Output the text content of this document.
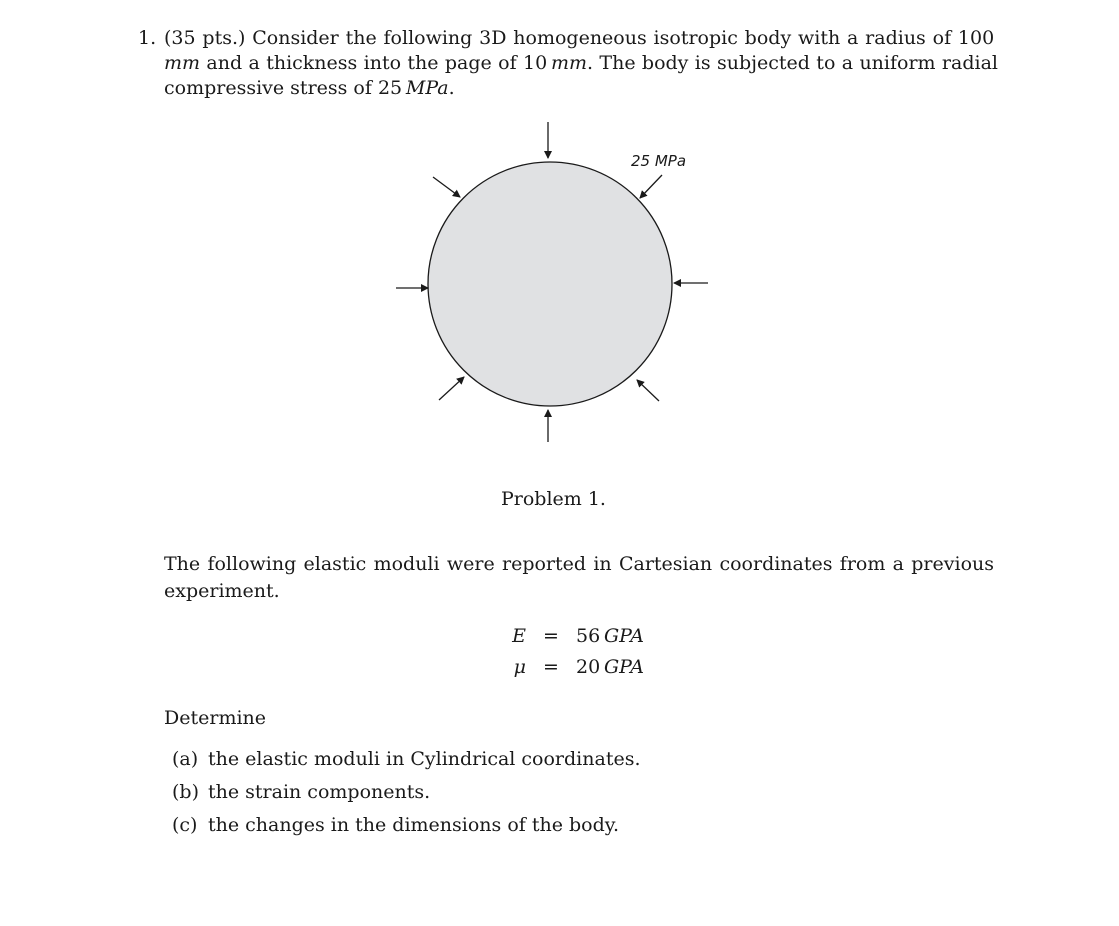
1. (35 pts.) Consider the following 3D homogeneous isotropic body with a radius of 100 mm and a thickness into the page of 10  mm. The body is subjected to a uniform radial compressive stress of 25  MPa.
25 MPa
Problem 1.
The following elastic moduli were reported in Cartesian coordinates from a previous experiment.
E = 56  GPA
μ = 20  GPA
Determine
(a) the elastic moduli in Cylindrical coordinates.
(b) the strain components.
(c) the changes in the dimensions of the body.
